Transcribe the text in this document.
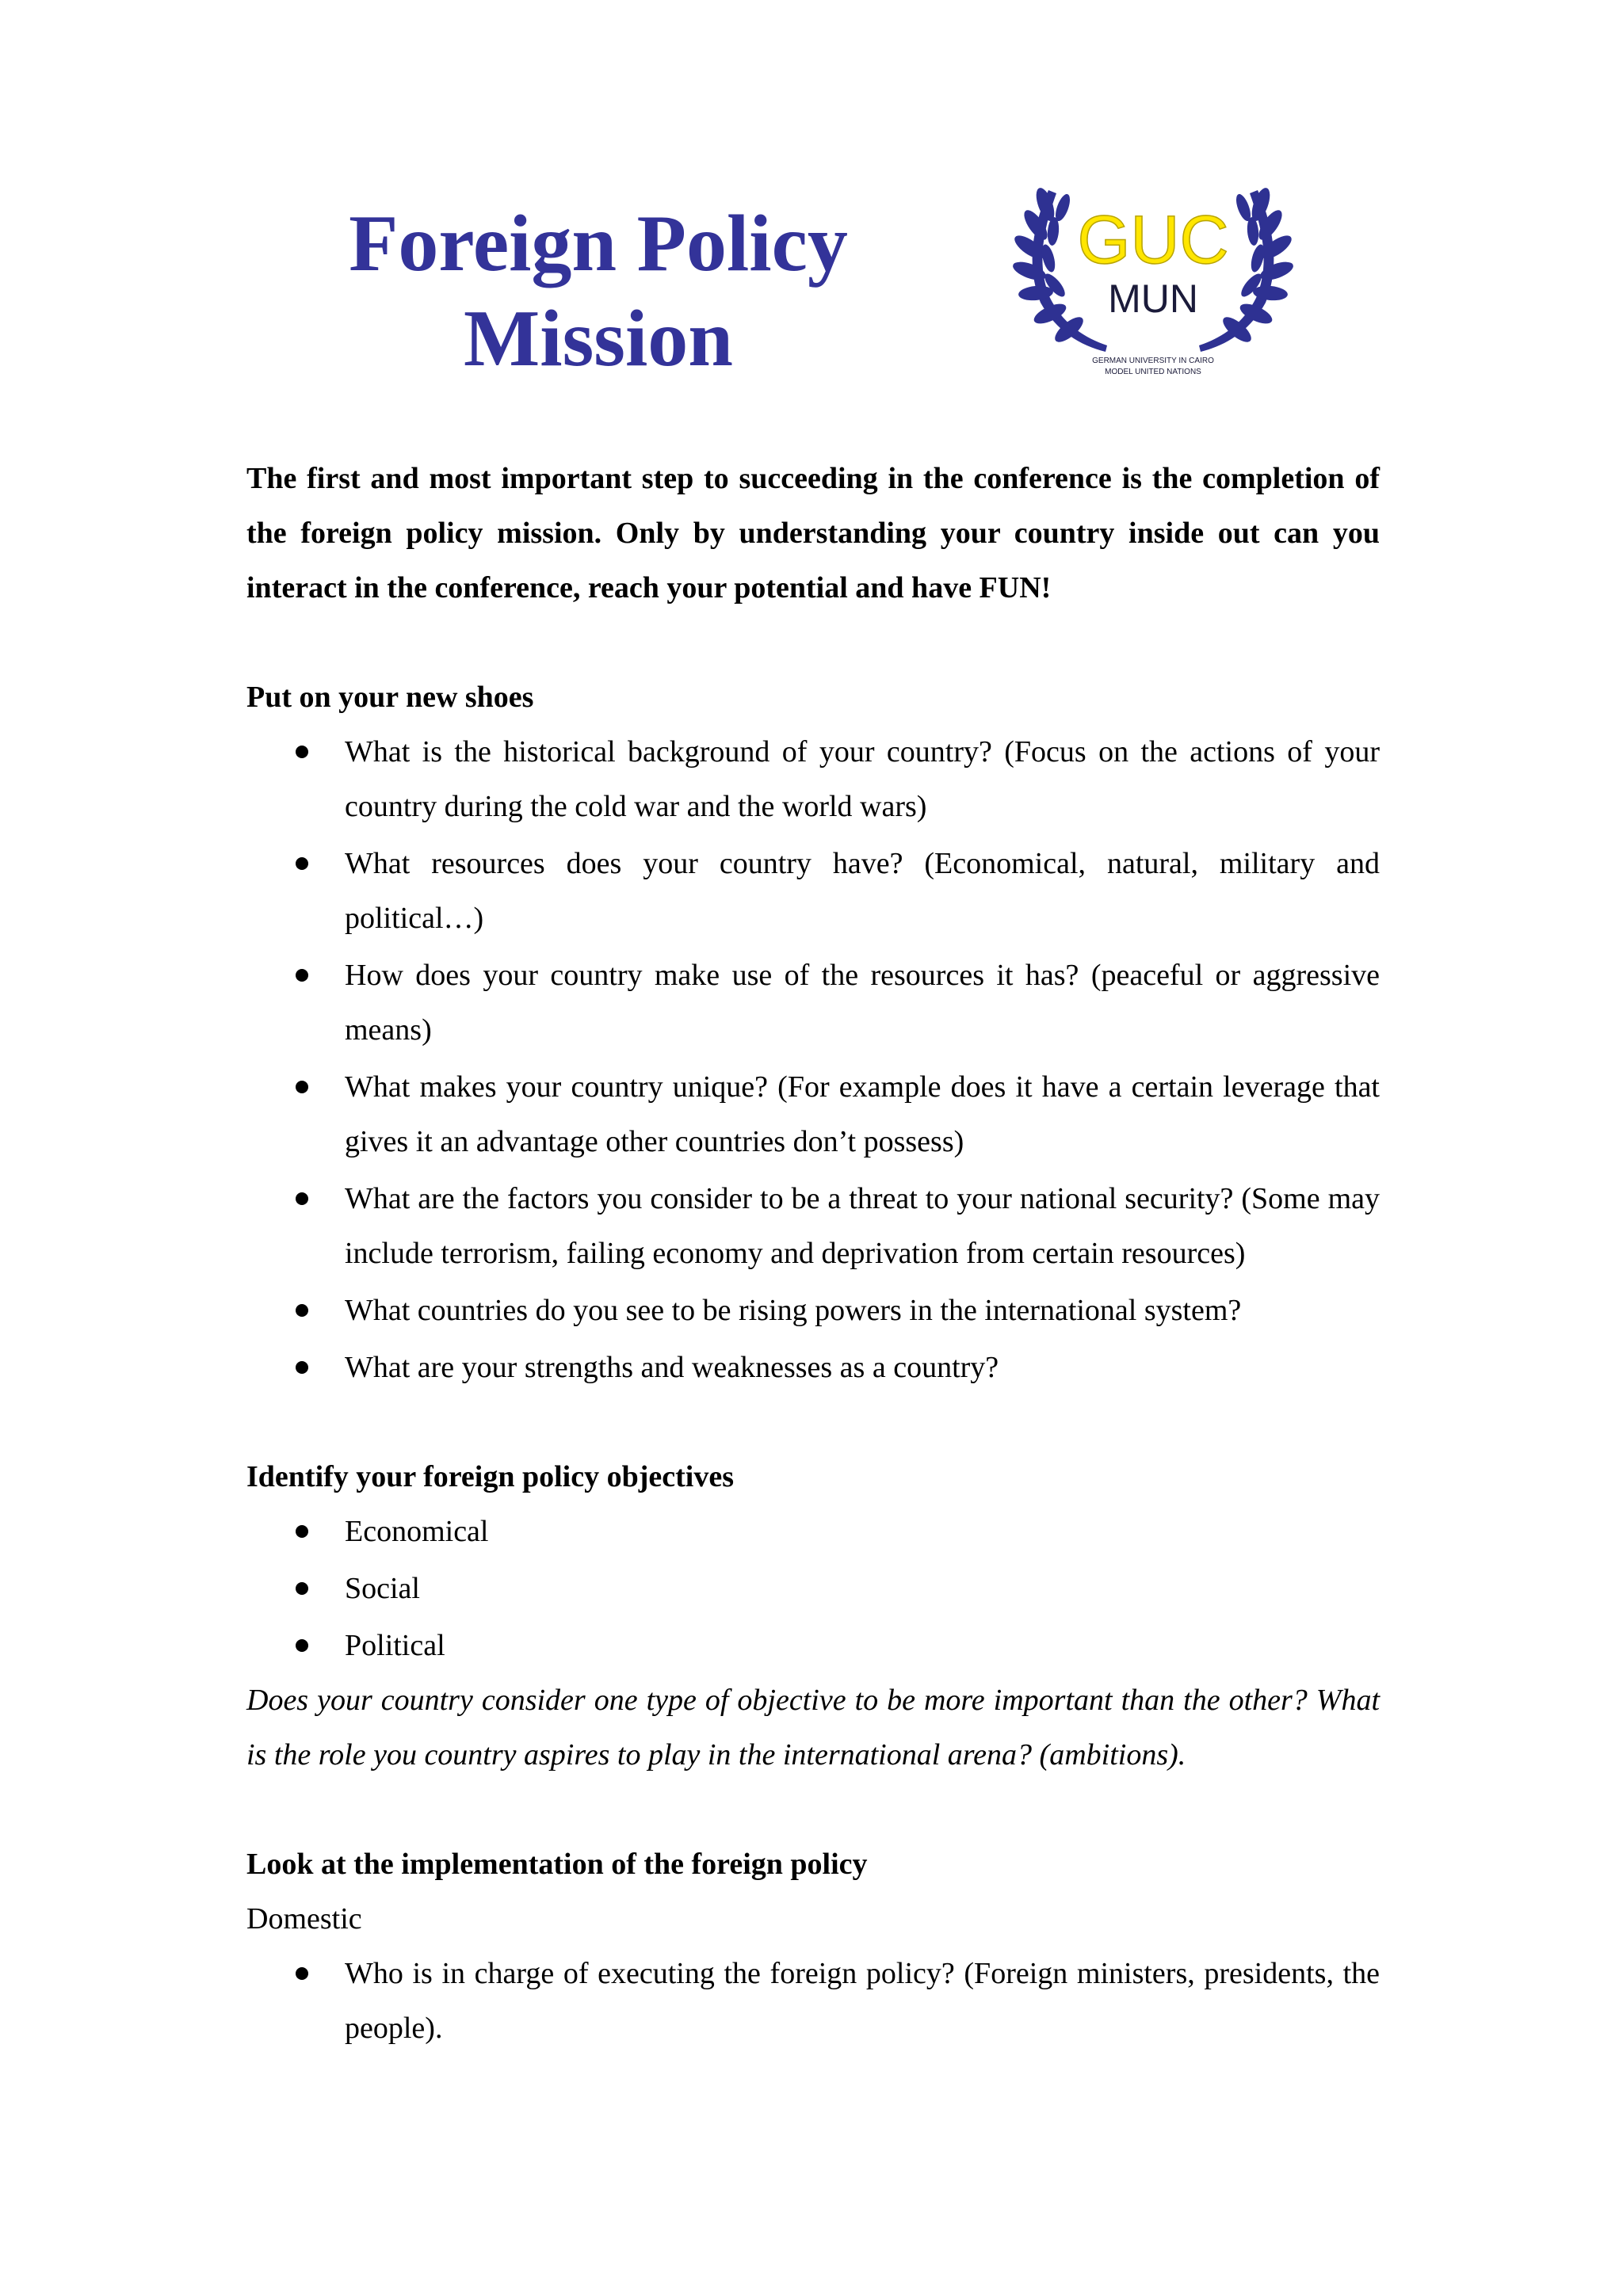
Foreign Policy
Mission
GUC
MUN
GERMAN UNIVERSITY IN CAIRO
MODEL UNITED NATIONS

The first and most important step to succeeding in the conference is the completion of the foreign policy mission. Only by understanding your country inside out can you interact in the conference, reach your potential and have FUN!

Put on your new shoes

What is the historical background of your country? (Focus on the actions of your country during the cold war and the world wars)
What resources does your country have? (Economical, natural, military and political…)
How does your country make use of the resources it has? (peaceful or aggressive means)
What makes your country unique? (For example does it have a certain leverage that gives it an advantage other countries don’t possess)
What are the factors you consider to be a threat to your national security? (Some may include terrorism, failing economy and deprivation from certain resources)
What countries do you see to be rising powers in the international system?
What are your strengths and weaknesses as a country?

Identify your foreign policy objectives

Economical
Social
Political

Does your country consider one type of objective to be more important than the other? What is the role you country aspires to play in the international arena? (ambitions).

Look at the implementation of the foreign policy

Domestic

Who is in charge of executing the foreign policy? (Foreign ministers, presidents, the people).
